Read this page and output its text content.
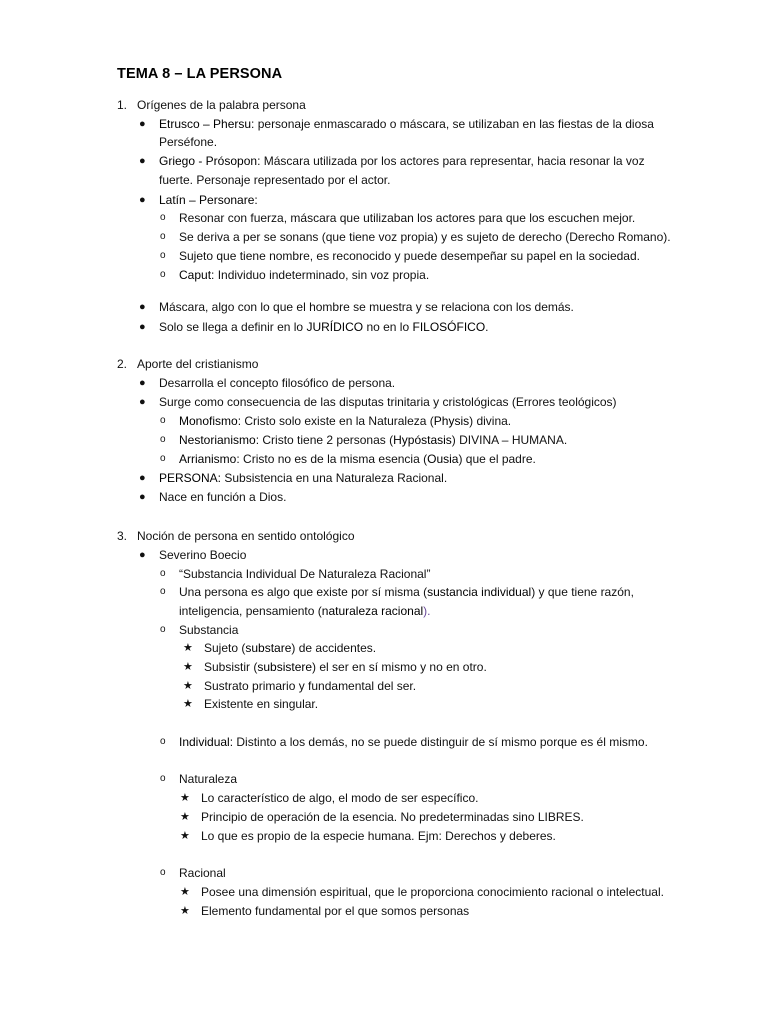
TEMA 8 – LA PERSONA
1. Orígenes de la palabra persona
● Etrusco – Phersu: personaje enmascarado o máscara, se utilizaban en las fiestas de la diosa
Perséfone.
● Griego - Prósopon: Máscara utilizada por los actores para representar, hacia resonar la voz
fuerte. Personaje representado por el actor.
● Latín – Personare:
o Resonar con fuerza, máscara que utilizaban los actores para que los escuchen mejor.
o Se deriva a per se sonans (que tiene voz propia) y es sujeto de derecho (Derecho Romano).
o Sujeto que tiene nombre, es reconocido y puede desempeñar su papel en la sociedad.
o Caput: Individuo indeterminado, sin voz propia.
● Máscara, algo con lo que el hombre se muestra y se relaciona con los demás.
● Solo se llega a definir en lo JURÍDICO no en lo FILOSÓFICO.
2. Aporte del cristianismo
● Desarrolla el concepto filosófico de persona.
● Surge como consecuencia de las disputas trinitaria y cristológicas (Errores teológicos)
o Monofismo: Cristo solo existe en la Naturaleza (Physis) divina.
o Nestorianismo: Cristo tiene 2 personas (Hypóstasis) DIVINA – HUMANA.
o Arrianismo: Cristo no es de la misma esencia (Ousia) que el padre.
● PERSONA: Subsistencia en una Naturaleza Racional.
● Nace en función a Dios.
3. Noción de persona en sentido ontológico
● Severino Boecio
o “Substancia Individual De Naturaleza Racional”
o Una persona es algo que existe por sí misma (sustancia individual) y que tiene razón,
inteligencia, pensamiento (naturaleza racional).
o Substancia
★ Sujeto (substare) de accidentes.
★ Subsistir (subsistere) el ser en sí mismo y no en otro.
★ Sustrato primario y fundamental del ser.
★ Existente en singular.
o Individual: Distinto a los demás, no se puede distinguir de sí mismo porque es él mismo.
o Naturaleza
★ Lo característico de algo, el modo de ser específico.
★ Principio de operación de la esencia. No predeterminadas sino LIBRES.
★ Lo que es propio de la especie humana. Ejm: Derechos y deberes.
o Racional
★ Posee una dimensión espiritual, que le proporciona conocimiento racional o intelectual.
★ Elemento fundamental por el que somos personas
